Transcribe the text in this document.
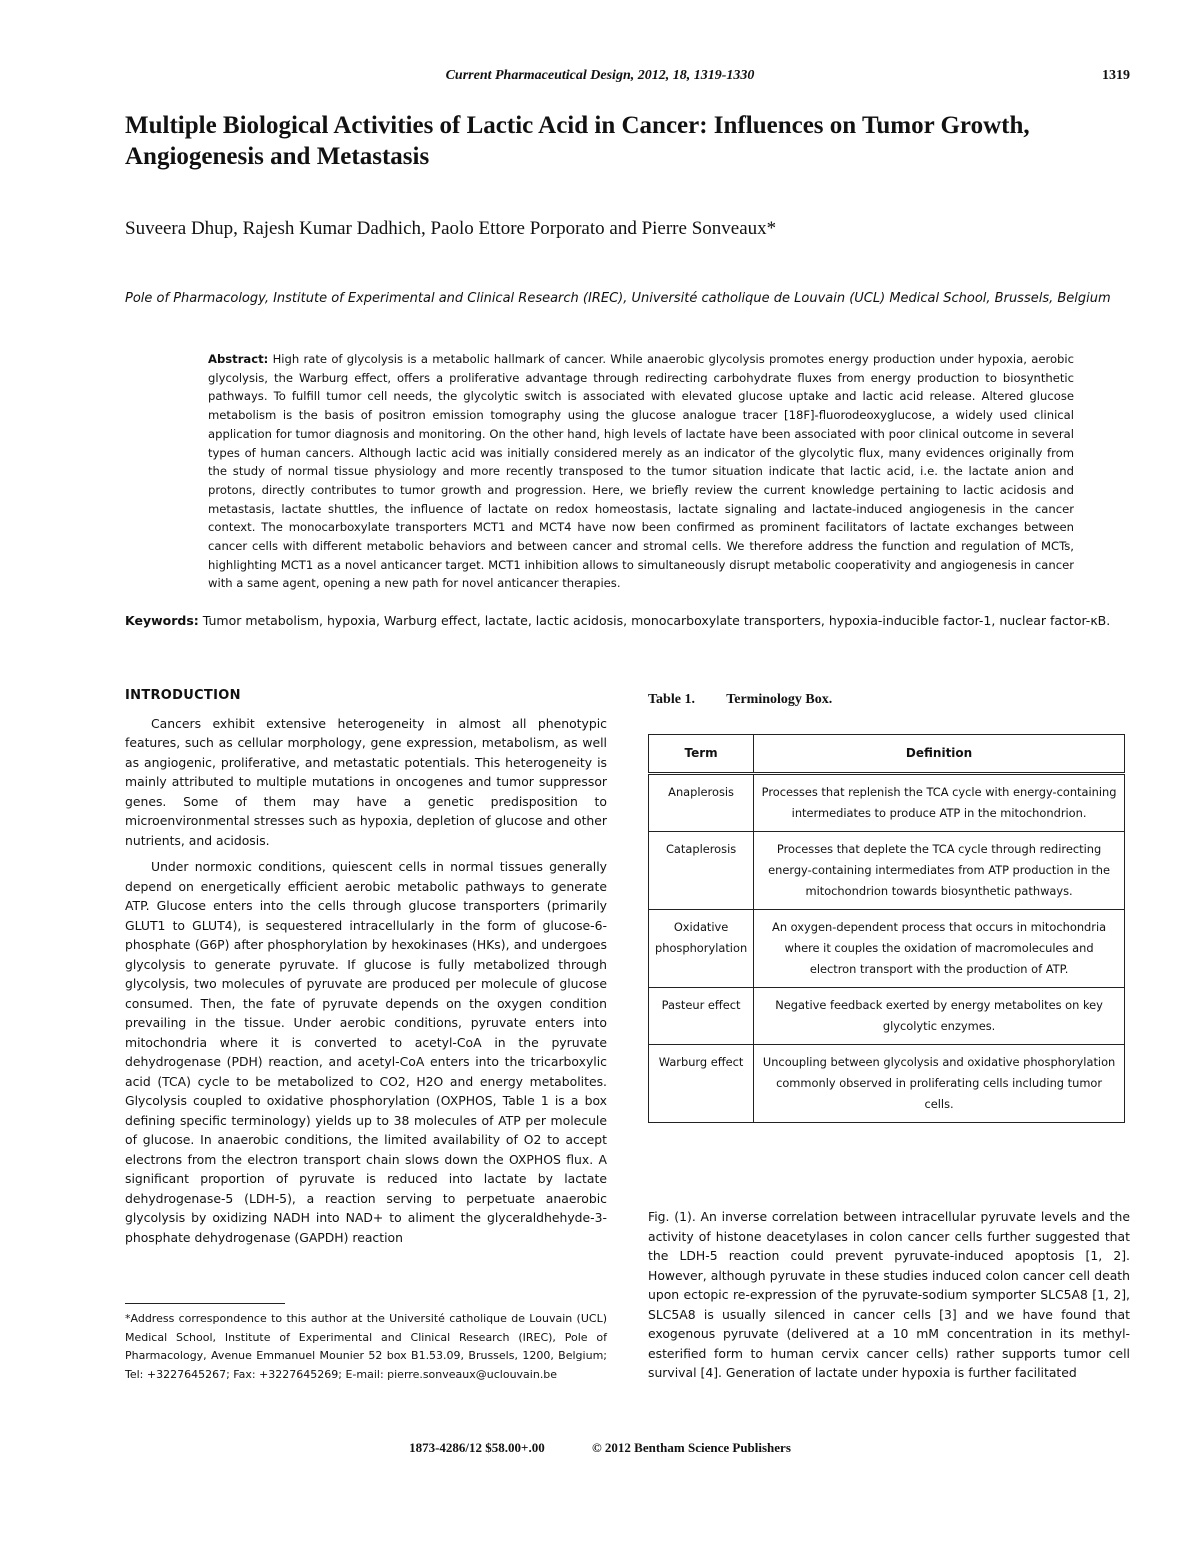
Current Pharmaceutical Design, 2012, 18, 1319-1330	1319
Multiple Biological Activities of Lactic Acid in Cancer: Influences on Tumor Growth, Angiogenesis and Metastasis
Suveera Dhup, Rajesh Kumar Dadhich, Paolo Ettore Porporato and Pierre Sonveaux*
Pole of Pharmacology, Institute of Experimental and Clinical Research (IREC), Université catholique de Louvain (UCL) Medical School, Brussels, Belgium
Abstract: High rate of glycolysis is a metabolic hallmark of cancer. While anaerobic glycolysis promotes energy production under hypoxia, aerobic glycolysis, the Warburg effect, offers a proliferative advantage through redirecting carbohydrate fluxes from energy production to biosynthetic pathways. To fulfill tumor cell needs, the glycolytic switch is associated with elevated glucose uptake and lactic acid release. Altered glucose metabolism is the basis of positron emission tomography using the glucose analogue tracer [18F]-fluorodeoxyglucose, a widely used clinical application for tumor diagnosis and monitoring. On the other hand, high levels of lactate have been associated with poor clinical outcome in several types of human cancers. Although lactic acid was initially considered merely as an indicator of the glycolytic flux, many evidences originally from the study of normal tissue physiology and more recently transposed to the tumor situation indicate that lactic acid, i.e. the lactate anion and protons, directly contributes to tumor growth and progression. Here, we briefly review the current knowledge pertaining to lactic acidosis and metastasis, lactate shuttles, the influence of lactate on redox homeostasis, lactate signaling and lactate-induced angiogenesis in the cancer context. The monocarboxylate transporters MCT1 and MCT4 have now been confirmed as prominent facilitators of lactate exchanges between cancer cells with different metabolic behaviors and between cancer and stromal cells. We therefore address the function and regulation of MCTs, highlighting MCT1 as a novel anticancer target. MCT1 inhibition allows to simultaneously disrupt metabolic cooperativity and angiogenesis in cancer with a same agent, opening a new path for novel anticancer therapies.
Keywords: Tumor metabolism, hypoxia, Warburg effect, lactate, lactic acidosis, monocarboxylate transporters, hypoxia-inducible factor-1, nuclear factor-κB.
INTRODUCTION

Cancers exhibit extensive heterogeneity in almost all phenotypic features, such as cellular morphology, gene expression, metabolism, as well as angiogenic, proliferative, and metastatic potentials. This heterogeneity is mainly attributed to multiple mutations in oncogenes and tumor suppressor genes. Some of them may have a genetic predisposition to microenvironmental stresses such as hypoxia, depletion of glucose and other nutrients, and acidosis.

Under normoxic conditions, quiescent cells in normal tissues generally depend on energetically efficient aerobic metabolic pathways to generate ATP. Glucose enters into the cells through glucose transporters (primarily GLUT1 to GLUT4), is sequestered intracellularly in the form of glucose-6-phosphate (G6P) after phosphorylation by hexokinases (HKs), and undergoes glycolysis to generate pyruvate. If glucose is fully metabolized through glycolysis, two molecules of pyruvate are produced per molecule of glucose consumed. Then, the fate of pyruvate depends on the oxygen condition prevailing in the tissue. Under aerobic conditions, pyruvate enters into mitochondria where it is converted to acetyl-CoA in the pyruvate dehydrogenase (PDH) reaction, and acetyl-CoA enters into the tricarboxylic acid (TCA) cycle to be metabolized to CO2, H2O and energy metabolites. Glycolysis coupled to oxidative phosphorylation (OXPHOS, Table 1 is a box defining specific terminology) yields up to 38 molecules of ATP per molecule of glucose. In anaerobic conditions, the limited availability of O2 to accept electrons from the electron transport chain slows down the OXPHOS flux. A significant proportion of pyruvate is reduced into lactate by lactate dehydrogenase-5 (LDH-5), a reaction serving to perpetuate anaerobic glycolysis by oxidizing NADH into NAD+ to aliment the glyceraldhehyde-3-phosphate dehydrogenase (GAPDH) reaction

*Address correspondence to this author at the Université catholique de Louvain (UCL) Medical School, Institute of Experimental and Clinical Research (IREC), Pole of Pharmacology, Avenue Emmanuel Mounier 52 box B1.53.09, Brussels, 1200, Belgium; Tel: +3227645267; Fax: +3227645269; E-mail: pierre.sonveaux@uclouvain.be
Table 1. Terminology Box.
Term	Definition
Anaplerosis	Processes that replenish the TCA cycle with energy-containing intermediates to produce ATP in the mitochondrion.
Cataplerosis	Processes that deplete the TCA cycle through redirecting energy-containing intermediates from ATP production in the mitochondrion towards biosynthetic pathways.
Oxidative phosphorylation	An oxygen-dependent process that occurs in mitochondria where it couples the oxidation of macromolecules and electron transport with the production of ATP.
Pasteur effect	Negative feedback exerted by energy metabolites on key glycolytic enzymes.
Warburg effect	Uncoupling between glycolysis and oxidative phosphorylation commonly observed in proliferating cells including tumor cells.
Fig. (1). An inverse correlation between intracellular pyruvate levels and the activity of histone deacetylases in colon cancer cells further suggested that the LDH-5 reaction could prevent pyruvate-induced apoptosis [1, 2]. However, although pyruvate in these studies induced colon cancer cell death upon ectopic re-expression of the pyruvate-sodium symporter SLC5A8 [1, 2], SLC5A8 is usually silenced in cancer cells [3] and we have found that exogenous pyruvate (delivered at a 10 mM concentration in its methyl-esterified form to human cervix cancer cells) rather supports tumor cell survival [4]. Generation of lactate under hypoxia is further facilitated
1873-4286/12 $58.00+.00	© 2012 Bentham Science Publishers
